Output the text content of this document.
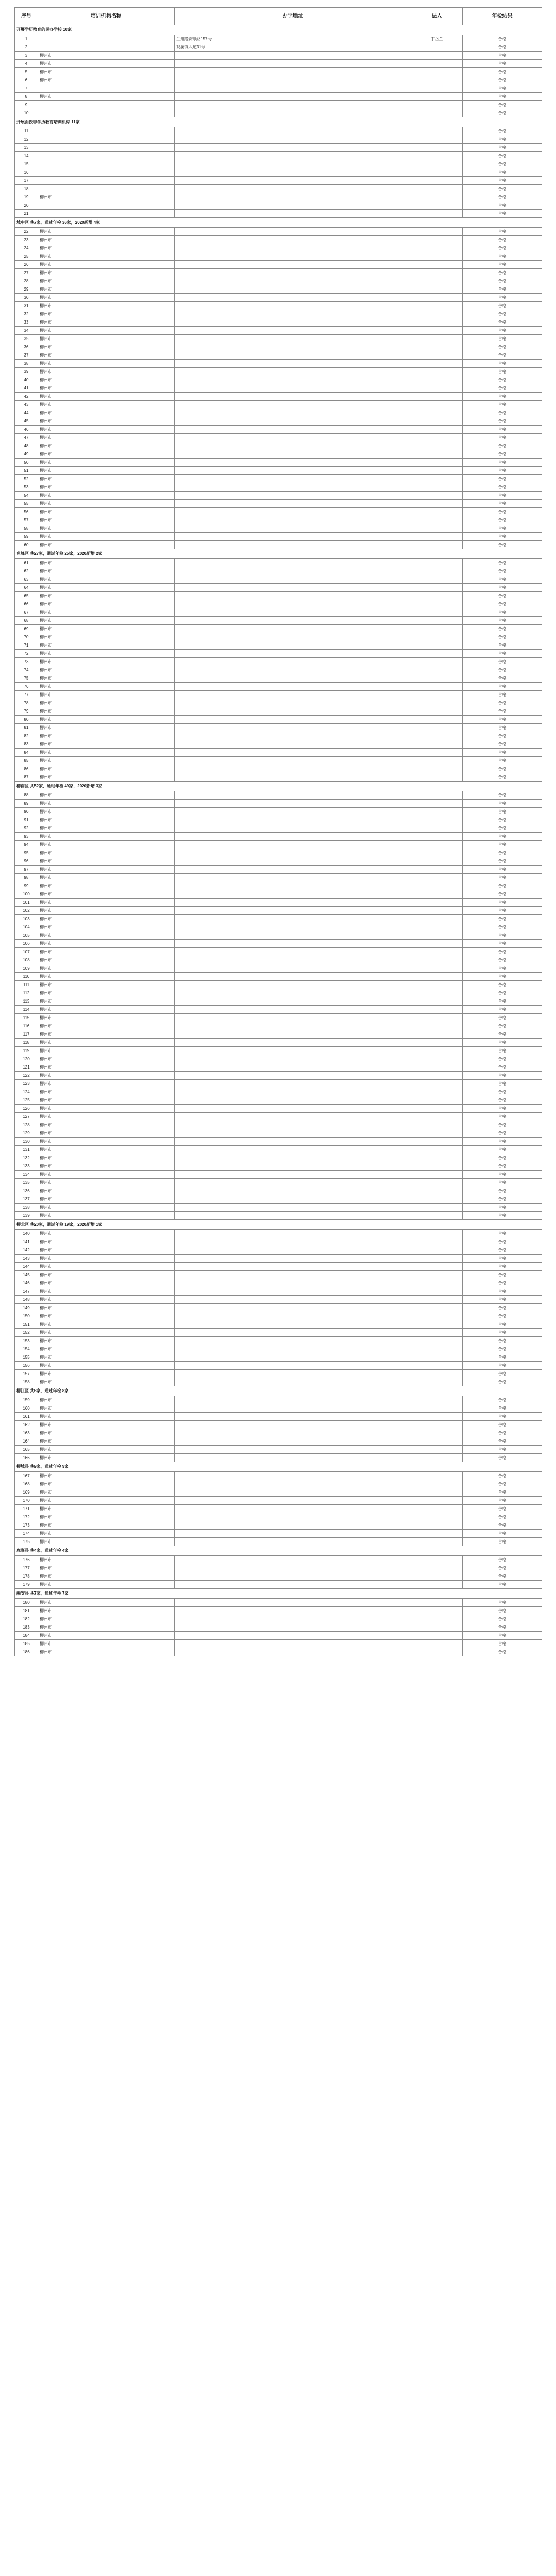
序号	培训机构名称	办学地址	法人	年检结果
开展学历教育的民办学校 10家				
1		兰州路安顺路157号	丁岳兰	合格
2		观澜镇大道31号		合格
3	柳州市			合格
4	柳州市			合格
5	柳州市			合格
6	柳州市			合格
7				合格
8	柳州市			合格
9				合格
10				合格
开展面授非学历教育培训机构 11家				
11				合格
12				合格
13				合格
14				合格
15				合格
16				合格
17				合格
18				合格
19	柳州市			合格
20				合格
21				合格
城中区 共7家，通过年检 36家，2020新增 4家				
22	柳州市			合格
23	柳州市			合格
24	柳州市			合格
25	柳州市			合格
26	柳州市			合格
27	柳州市			合格
28	柳州市			合格
29	柳州市			合格
30	柳州市			合格
31	柳州市			合格
32	柳州市			合格
33	柳州市			合格
34	柳州市			合格
35	柳州市			合格
36	柳州市			合格
37	柳州市			合格
38	柳州市			合格
39	柳州市			合格
40	柳州市			合格
41	柳州市			合格
42	柳州市			合格
43	柳州市			合格
44	柳州市			合格
45	柳州市			合格
46	柳州市			合格
47	柳州市			合格
48	柳州市			合格
49	柳州市			合格
50	柳州市			合格
51	柳州市			合格
52	柳州市			合格
53	柳州市			合格
54	柳州市			合格
55	柳州市			合格
56	柳州市			合格
57	柳州市			合格
58	柳州市			合格
59	柳州市			合格
60	柳州市			合格
鱼峰区 共27家，通过年检 25家，2020新增 2家				
61	柳州市			合格
62	柳州市			合格
63	柳州市			合格
64	柳州市			合格
65	柳州市			合格
66	柳州市			合格
67	柳州市			合格
68	柳州市			合格
69	柳州市			合格
70	柳州市			合格
71	柳州市			合格
72	柳州市			合格
73	柳州市			合格
74	柳州市			合格
75	柳州市			合格
76	柳州市			合格
77	柳州市			合格
78	柳州市			合格
79	柳州市			合格
80	柳州市			合格
81	柳州市			合格
82	柳州市			合格
83	柳州市			合格
84	柳州市			合格
85	柳州市			合格
86	柳州市			合格
87	柳州市			合格
柳南区 共52家，通过年检 49家，2020新增 3家				
88	柳州市			合格
89	柳州市			合格
90	柳州市			合格
91	柳州市			合格
92	柳州市			合格
93	柳州市			合格
94	柳州市			合格
95	柳州市			合格
96	柳州市			合格
97	柳州市			合格
98	柳州市			合格
99	柳州市			合格
100	柳州市			合格
101	柳州市			合格
102	柳州市			合格
103	柳州市			合格
104	柳州市			合格
105	柳州市			合格
106	柳州市			合格
107	柳州市			合格
108	柳州市			合格
109	柳州市			合格
110	柳州市			合格
111	柳州市			合格
112	柳州市			合格
113	柳州市			合格
114	柳州市			合格
115	柳州市			合格
116	柳州市			合格
117	柳州市			合格
118	柳州市			合格
119	柳州市			合格
120	柳州市			合格
121	柳州市			合格
122	柳州市			合格
123	柳州市			合格
124	柳州市			合格
125	柳州市			合格
126	柳州市			合格
127	柳州市			合格
128	柳州市			合格
129	柳州市			合格
130	柳州市			合格
131	柳州市			合格
132	柳州市			合格
133	柳州市			合格
134	柳州市			合格
135	柳州市			合格
136	柳州市			合格
137	柳州市			合格
138	柳州市			合格
139	柳州市			合格
柳北区 共20家，通过年检 19家，2020新增 1家				
140	柳州市			合格
141	柳州市			合格
142	柳州市			合格
143	柳州市			合格
144	柳州市			合格
145	柳州市			合格
146	柳州市			合格
147	柳州市			合格
148	柳州市			合格
149	柳州市			合格
150	柳州市			合格
151	柳州市			合格
152	柳州市			合格
153	柳州市			合格
154	柳州市			合格
155	柳州市			合格
156	柳州市			合格
157	柳州市			合格
158	柳州市			合格
柳江区 共8家，通过年检 8家				
159	柳州市			合格
160	柳州市			合格
161	柳州市			合格
162	柳州市			合格
163	柳州市			合格
164	柳州市			合格
165	柳州市			合格
166	柳州市			合格
柳城县 共9家，通过年检 9家				
167	柳州市			合格
168	柳州市			合格
169	柳州市			合格
170	柳州市			合格
171	柳州市			合格
172	柳州市			合格
173	柳州市			合格
174	柳州市			合格
175	柳州市			合格
鹿寨县 共4家，通过年检 4家				
176	柳州市			合格
177	柳州市			合格
178	柳州市			合格
179	柳州市			合格
融安县 共7家，通过年检 7家				
180	柳州市			合格
181	柳州市			合格
182	柳州市			合格
183	柳州市			合格
184	柳州市			合格
185	柳州市			合格
186	柳州市			合格
